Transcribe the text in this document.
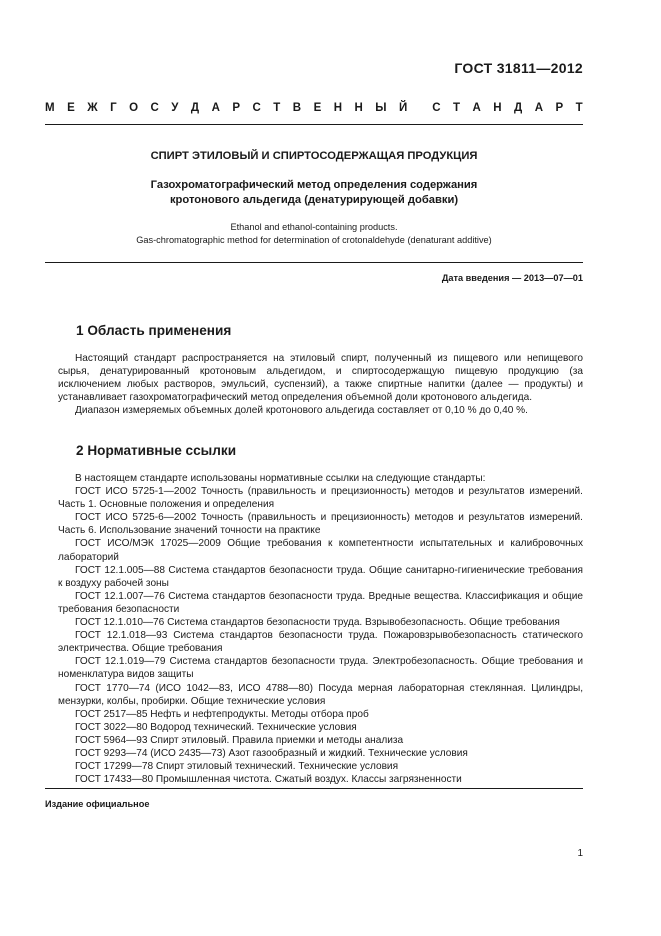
ГОСТ 31811—2012
М Е Ж Г О С У Д А Р С Т В Е Н Н Ы Й С Т А Н Д А Р Т
СПИРТ ЭТИЛОВЫЙ И СПИРТОСОДЕРЖАЩАЯ ПРОДУКЦИЯ
Газохроматографический метод определения содержания
кротонового альдегида (денатурирующей добавки)
Ethanol and ethanol-containing products.
Gas-chromatographic method for determination of crotonaldehyde (denaturant additive)
Дата введения — 2013—07—01
1 Область применения

Настоящий стандарт распространяется на этиловый спирт, полученный из пищевого или непищевого сырья, денатурированный кротоновым альдегидом, и спиртосодержащую пищевую продукцию (за исключением любых растворов, эмульсий, суспензий), а также спиртные напитки (далее — продукты) и устанавливает газохроматографический метод определения объемной доли кротонового альдегида.

Диапазон измеряемых объемных долей кротонового альдегида составляет от 0,10 % до 0,40 %.

2 Нормативные ссылки

В настоящем стандарте использованы нормативные ссылки на следующие стандарты:

ГОСТ ИСО 5725-1—2002 Точность (правильность и прецизионность) методов и результатов измерений. Часть 1. Основные положения и определения

ГОСТ ИСО 5725-6—2002 Точность (правильность и прецизионность) методов и результатов измерений. Часть 6. Использование значений точности на практике

ГОСТ ИСО/МЭК 17025—2009 Общие требования к компетентности испытательных и калибровочных лабораторий

ГОСТ 12.1.005—88 Система стандартов безопасности труда. Общие санитарно-гигиенические требования к воздуху рабочей зоны

ГОСТ 12.1.007—76 Система стандартов безопасности труда. Вредные вещества. Классификация и общие требования безопасности

ГОСТ 12.1.010—76 Система стандартов безопасности труда. Взрывобезопасность. Общие требования

ГОСТ 12.1.018—93 Система стандартов безопасности труда. Пожаровзрывобезопасность статического электричества. Общие требования

ГОСТ 12.1.019—79 Система стандартов безопасности труда. Электробезопасность. Общие требования и номенклатура видов защиты

ГОСТ 1770—74 (ИСО 1042—83, ИСО 4788—80) Посуда мерная лабораторная стеклянная. Цилиндры, мензурки, колбы, пробирки. Общие технические условия

ГОСТ 2517—85 Нефть и нефтепродукты. Методы отбора проб

ГОСТ 3022—80 Водород технический. Технические условия

ГОСТ 5964—93 Спирт этиловый. Правила приемки и методы анализа

ГОСТ 9293—74 (ИСО 2435—73) Азот газообразный и жидкий. Технические условия

ГОСТ 17299—78 Спирт этиловый технический. Технические условия

ГОСТ 17433—80 Промышленная чистота. Сжатый воздух. Классы загрязненности

Издание официальное
1
